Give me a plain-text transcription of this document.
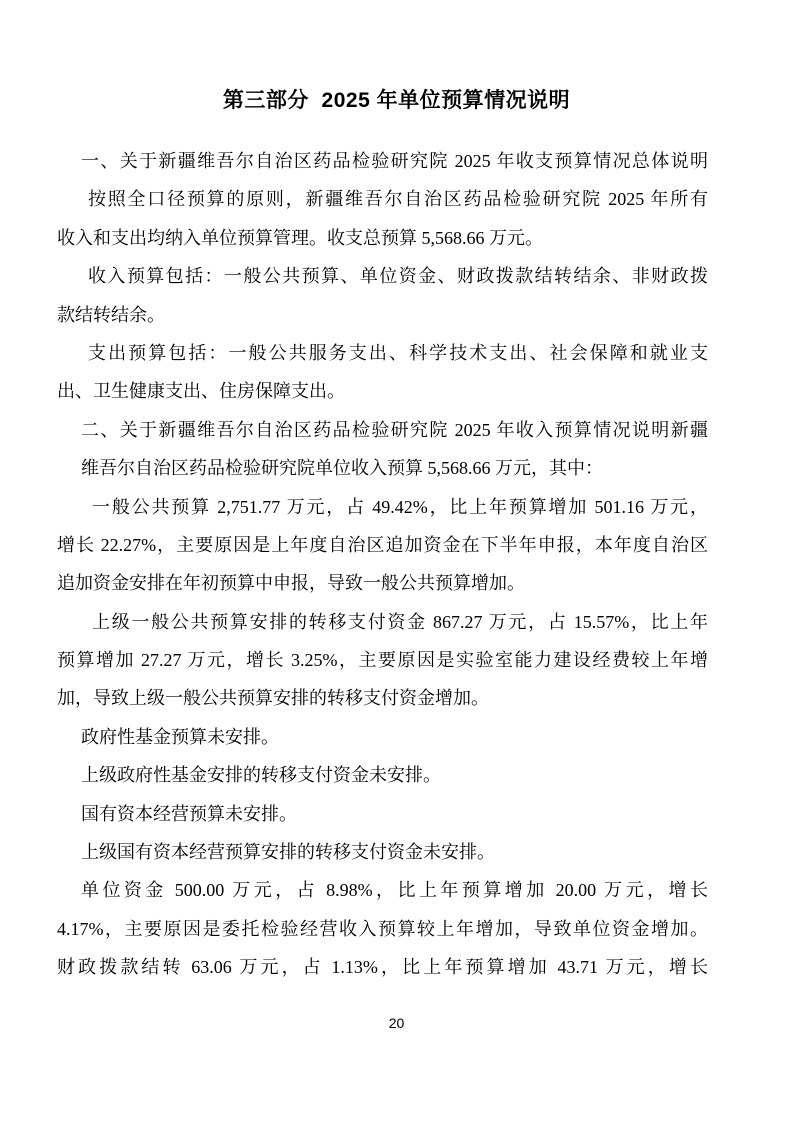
第三部分  2025 年单位预算情况说明
一、关于新疆维吾尔自治区药品检验研究院 2025 年收支预算情况总体说明
按照全口径预算的原则，新疆维吾尔自治区药品检验研究院 2025 年所有
收入和支出均纳入单位预算管理。收支总预算 5,568.66 万元。
收入预算包括：一般公共预算、单位资金、财政拨款结转结余、非财政拨
款结转结余。
支出预算包括：一般公共服务支出、科学技术支出、社会保障和就业支
出、卫生健康支出、住房保障支出。
二、关于新疆维吾尔自治区药品检验研究院 2025 年收入预算情况说明新疆
维吾尔自治区药品检验研究院单位收入预算 5,568.66 万元，其中：
一般公共预算 2,751.77 万元，占 49.42%，比上年预算增加 501.16 万元，
增长 22.27%，主要原因是上年度自治区追加资金在下半年申报，本年度自治区
追加资金安排在年初预算中申报，导致一般公共预算增加。
上级一般公共预算安排的转移支付资金 867.27 万元，占 15.57%，比上年
预算增加 27.27 万元，增长 3.25%，主要原因是实验室能力建设经费较上年增
加，导致上级一般公共预算安排的转移支付资金增加。
政府性基金预算未安排。
上级政府性基金安排的转移支付资金未安排。
国有资本经营预算未安排。
上级国有资本经营预算安排的转移支付资金未安排。
单位资金 500.00 万元，占 8.98%，比上年预算增加 20.00 万元，增长
4.17%，主要原因是委托检验经营收入预算较上年增加，导致单位资金增加。
财政拨款结转 63.06 万元，占 1.13%，比上年预算增加 43.71 万元，增长
20
